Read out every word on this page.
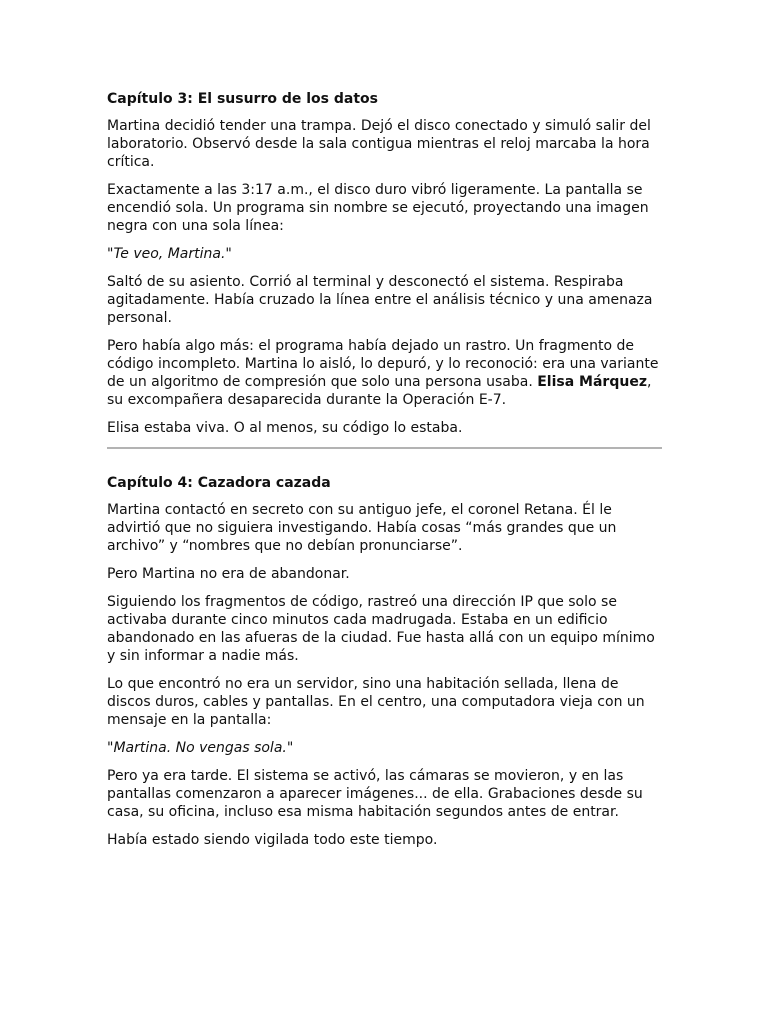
Capítulo 3: El susurro de los datos

Martina decidió tender una trampa. Dejó el disco conectado y simuló salir del laboratorio. Observó desde la sala contigua mientras el reloj marcaba la hora crítica.

Exactamente a las 3:17 a.m., el disco duro vibró ligeramente. La pantalla se encendió sola. Un programa sin nombre se ejecutó, proyectando una imagen negra con una sola línea:

"Te veo, Martina."

Saltó de su asiento. Corrió al terminal y desconectó el sistema. Respiraba agitadamente. Había cruzado la línea entre el análisis técnico y una amenaza personal.

Pero había algo más: el programa había dejado un rastro. Un fragmento de código incompleto. Martina lo aisló, lo depuró, y lo reconoció: era una variante de un algoritmo de compresión que solo una persona usaba. Elisa Márquez, su excompañera desaparecida durante la Operación E-7.

Elisa estaba viva. O al menos, su código lo estaba.

Capítulo 4: Cazadora cazada

Martina contactó en secreto con su antiguo jefe, el coronel Retana. Él le advirtió que no siguiera investigando. Había cosas “más grandes que un archivo” y “nombres que no debían pronunciarse”.

Pero Martina no era de abandonar.

Siguiendo los fragmentos de código, rastreó una dirección IP que solo se activaba durante cinco minutos cada madrugada. Estaba en un edificio abandonado en las afueras de la ciudad. Fue hasta allá con un equipo mínimo y sin informar a nadie más.

Lo que encontró no era un servidor, sino una habitación sellada, llena de discos duros, cables y pantallas. En el centro, una computadora vieja con un mensaje en la pantalla:

"Martina. No vengas sola."

Pero ya era tarde. El sistema se activó, las cámaras se movieron, y en las pantallas comenzaron a aparecer imágenes... de ella. Grabaciones desde su casa, su oficina, incluso esa misma habitación segundos antes de entrar.

Había estado siendo vigilada todo este tiempo.
